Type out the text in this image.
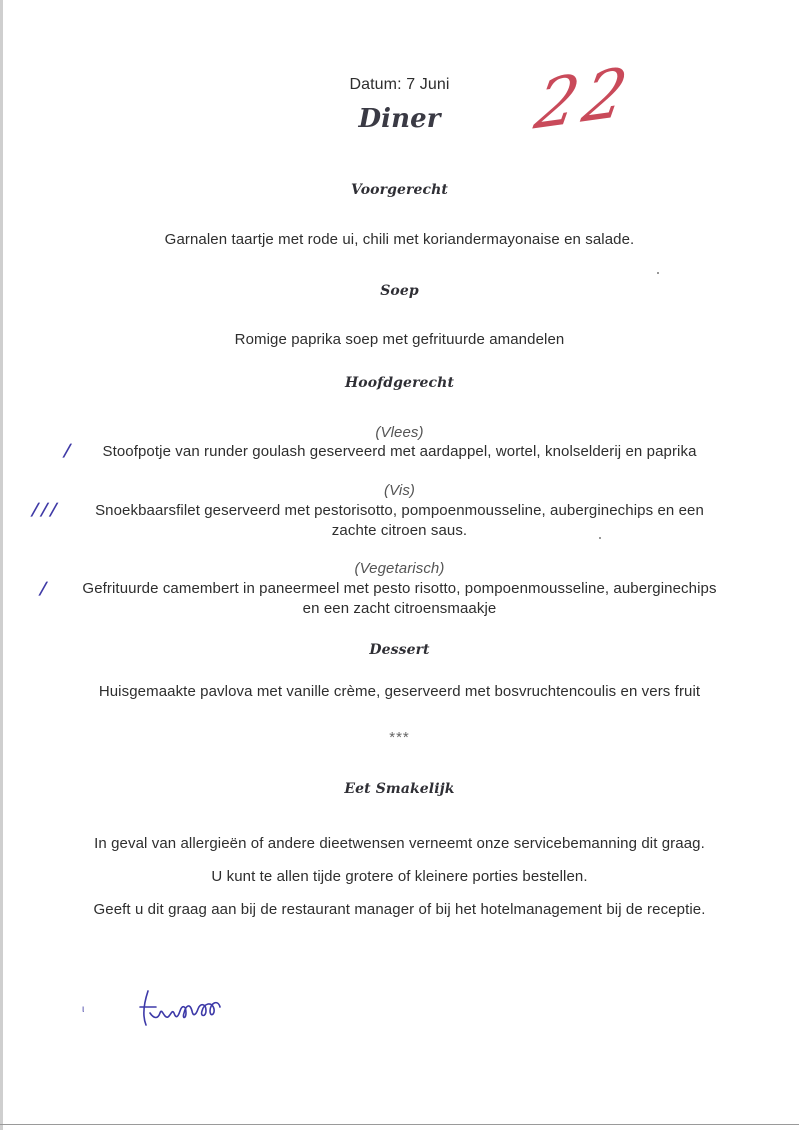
Datum: 7 Juni
Diner	22
Voorgerecht
Garnalen taartje met rode ui, chili met koriandermayonaise en salade.
Soep
Romige paprika soep met gefrituurde amandelen
Hoofdgerecht
(Vlees)
Stoofpotje van runder goulash geserveerd met aardappel, wortel, knolselderij en paprika
/
(Vis)
Snoekbaarsfilet geserveerd met pestorisotto, pompoenmousseline, auberginechips en een
zachte citroen saus.
///
(Vegetarisch)
Gefrituurde camembert in paneermeel met pesto risotto, pompoenmousseline, auberginechips
en een zacht citroensmaakje
/
Dessert
Huisgemaakte pavlova met vanille crème, geserveerd met bosvruchtencoulis en vers fruit
***
Eet Smakelijk
In geval van allergieën of andere dieetwensen verneemt onze servicebemanning dit graag.
U kunt te allen tijde grotere of kleinere porties bestellen.
Geeft u dit graag aan bij de restaurant manager of bij het hotelmanagement bij de receptie.
ι
